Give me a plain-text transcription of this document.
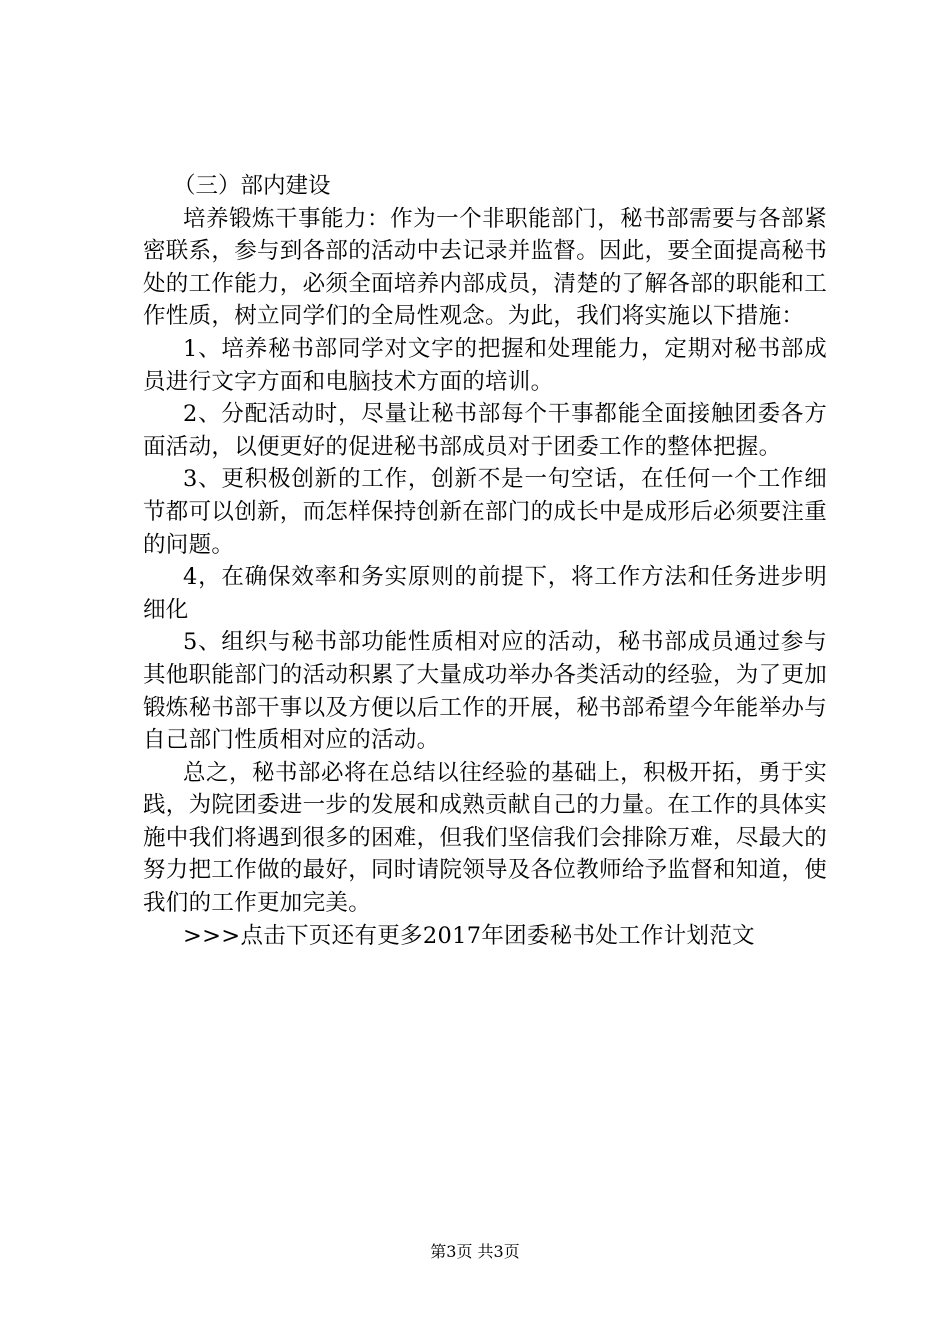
（三）部内建设

培养锻炼干事能力：作为一个非职能部门，秘书部需要与各部紧密联系，参与到各部的活动中去记录并监督。因此，要全面提高秘书处的工作能力，必须全面培养内部成员，清楚的了解各部的职能和工作性质，树立同学们的全局性观念。为此，我们将实施以下措施：

1、培养秘书部同学对文字的把握和处理能力，定期对秘书部成员进行文字方面和电脑技术方面的培训。

2、分配活动时，尽量让秘书部每个干事都能全面接触团委各方面活动，以便更好的促进秘书部成员对于团委工作的整体把握。

3、更积极创新的工作，创新不是一句空话，在任何一个工作细节都可以创新，而怎样保持创新在部门的成长中是成形后必须要注重的问题。

4，在确保效率和务实原则的前提下，将工作方法和任务进步明细化

5、组织与秘书部功能性质相对应的活动，秘书部成员通过参与其他职能部门的活动积累了大量成功举办各类活动的经验，为了更加锻炼秘书部干事以及方便以后工作的开展，秘书部希望今年能举办与自己部门性质相对应的活动。

总之，秘书部必将在总结以往经验的基础上，积极开拓，勇于实践，为院团委进一步的发展和成熟贡献自己的力量。在工作的具体实施中我们将遇到很多的困难，但我们坚信我们会排除万难，尽最大的努力把工作做的最好，同时请院领导及各位教师给予监督和知道，使我们的工作更加完美。

>>>点击下页还有更多2017年团委秘书处工作计划范文

第3页 共3页
